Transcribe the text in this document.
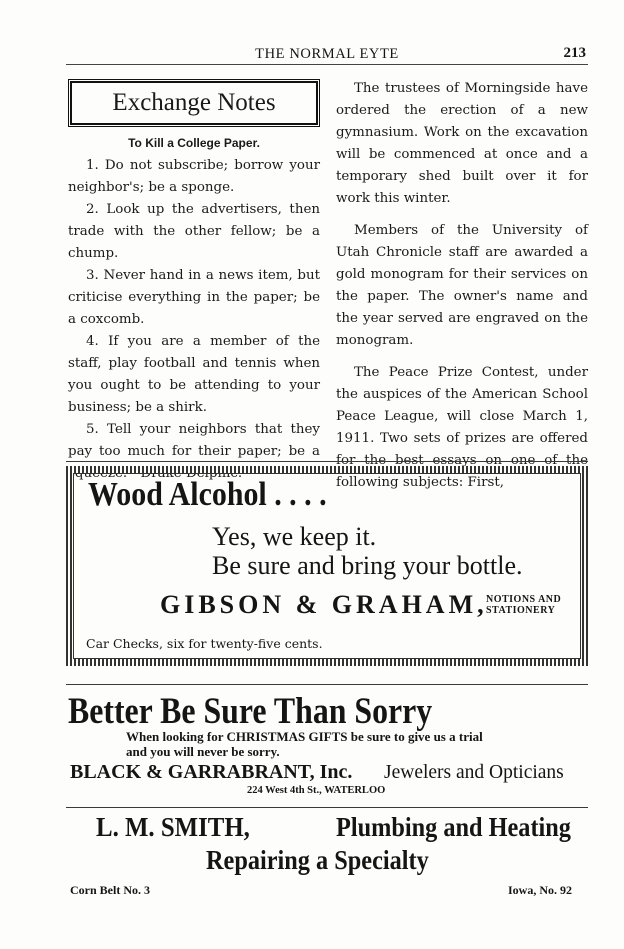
THE NORMAL EYTE	213
Exchange Notes
To Kill a College Paper.

1. Do not subscribe; borrow your neighbor's; be a sponge.

2. Look up the advertisers, then trade with the other fellow; be a chump.

3. Never hand in a news item, but criticise everything in the paper; be a coxcomb.

4. If you are a member of the staff, play football and tennis when you ought to be attending to your business; be a shirk.

5. Tell your neighbors that they pay too much for their paper; be a squeeze.—Drake Delphic.

The trustees of Morningside have ordered the erection of a new gymnasium. Work on the excavation will be commenced at once and a temporary shed built over it for work this winter.

Members of the University of Utah Chronicle staff are awarded a gold monogram for their services on the paper. The owner's name and the year served are engraved on the monogram.

The Peace Prize Contest, under the auspices of the American School Peace League, will close March 1, 1911. Two sets of prizes are offered for the best essays on one of the following subjects: First,

Wood Alcohol . . . .
Yes, we keep it.
Be sure and bring your bottle.
GIBSON & GRAHAM,
NOTIONS AND
STATIONERY
Car Checks, six for twenty-five cents.
Better Be Sure Than Sorry
When looking for CHRISTMAS GIFTS be sure to give us a trial
and you will never be sorry.
BLACK & GARRABRANT, Inc. Jewelers and Opticians
224 West 4th St., WATERLOO
L. M. SMITH,	Plumbing and Heating
Repairing a Specialty
Corn Belt No. 3	Iowa, No. 92
